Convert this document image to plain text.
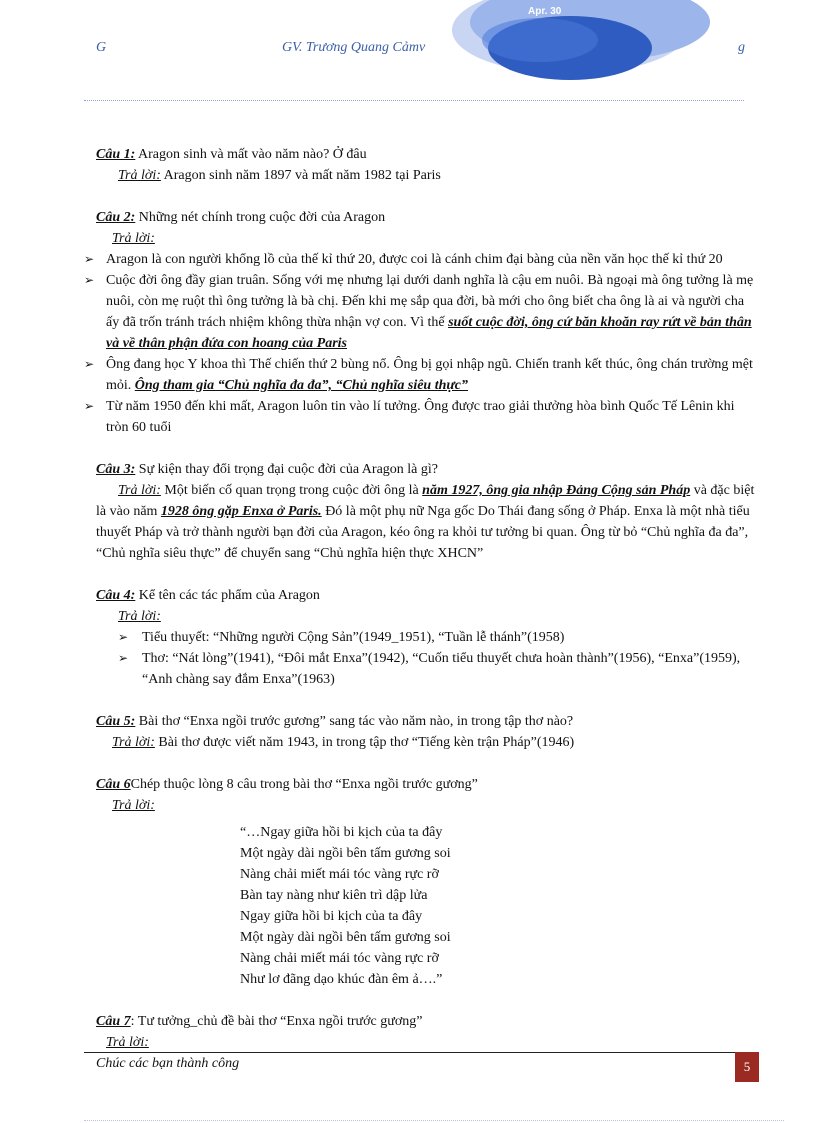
Apr. 30
G	GV. Trương Quang Cảmv	g
Câu 1: Aragon sinh và mất vào năm nào? Ở đâu
Trả lời: Aragon sinh năm 1897 và mất năm 1982 tại Paris
Câu 2: Những nét chính trong cuộc đời của Aragon
Trả lời:
➢ Aragon là con người khổng lồ của thế kỉ thứ 20, được coi là cánh chim đại bàng của nền văn học thế kỉ thứ 20
➢ Cuộc đời ông đầy gian truân. Sống với mẹ nhưng lại dưới danh nghĩa là cậu em nuôi. Bà ngoại mà ông tưởng là mẹ nuôi, còn mẹ ruột thì ông tưởng là bà chị. Đến khi mẹ sắp qua đời, bà mới cho ông biết cha ông là ai và người cha ấy đã trốn tránh trách nhiệm không thừa nhận vợ con. Vì thế suốt cuộc đời, ông cứ băn khoăn ray rứt về bản thân và về thân phận đứa con hoang của Paris
➢ Ông đang học Y khoa thì Thế chiến thứ 2 bùng nổ. Ông bị gọi nhập ngũ. Chiến tranh kết thúc, ông chán trường mệt mỏi. Ông tham gia “Chủ nghĩa đa đa”, “Chủ nghĩa siêu thực”
➢ Từ năm 1950 đến khi mất, Aragon luôn tin vào lí tưởng. Ông được trao giải thưởng hòa bình Quốc Tế Lênin khi tròn 60 tuổi
Câu 3: Sự kiện thay đổi trọng đại cuộc đời của Aragon là gì?
Trả lời: Một biến cố quan trọng trong cuộc đời ông là năm 1927, ông gia nhập Đảng Cộng sản Pháp và đặc biệt là vào năm 1928 ông gặp Enxa ở Paris. Đó là một phụ nữ Nga gốc Do Thái đang sống ở Pháp. Enxa là một nhà tiểu thuyết Pháp và trở thành người bạn đời của Aragon, kéo ông ra khỏi tư tưởng bi quan. Ông từ bỏ “Chủ nghĩa đa đa”, “Chủ nghĩa siêu thực” để chuyển sang “Chủ nghĩa hiện thực XHCN”
Câu 4: Kể tên các tác phẩm của Aragon
Trả lời:
➢ Tiểu thuyết: “Những người Cộng Sản”(1949_1951), “Tuần lễ thánh”(1958)
➢ Thơ: “Nát lòng”(1941), “Đôi mắt Enxa”(1942), “Cuốn tiểu thuyết chưa hoàn thành”(1956), “Enxa”(1959), “Anh chàng say đắm Enxa”(1963)
Câu 5: Bài thơ “Enxa ngồi trước gương” sang tác vào năm nào, in trong tập thơ nào?
Trả lời: Bài thơ được viết năm 1943, in trong tập thơ “Tiếng kèn trận Pháp”(1946)
Câu 6Chép thuộc lòng 8 câu trong bài thơ “Enxa ngồi trước gương”
Trả lời:
“…Ngay giữa hồi bi kịch của ta đây
Một ngày dài ngồi bên tấm gương soi
Nàng chải miết mái tóc vàng rực rỡ
Bàn tay nàng như kiên trì dập lửa
Ngay giữa hồi bi kịch của ta đây
Một ngày dài ngồi bên tấm gương soi
Nàng chải miết mái tóc vàng rực rỡ
Như lơ đãng dạo khúc đàn êm ả….”
Câu 7: Tư tưởng_chủ đề bài thơ “Enxa ngồi trước gương”
Trả lời:
Chúc các bạn thành công	5
